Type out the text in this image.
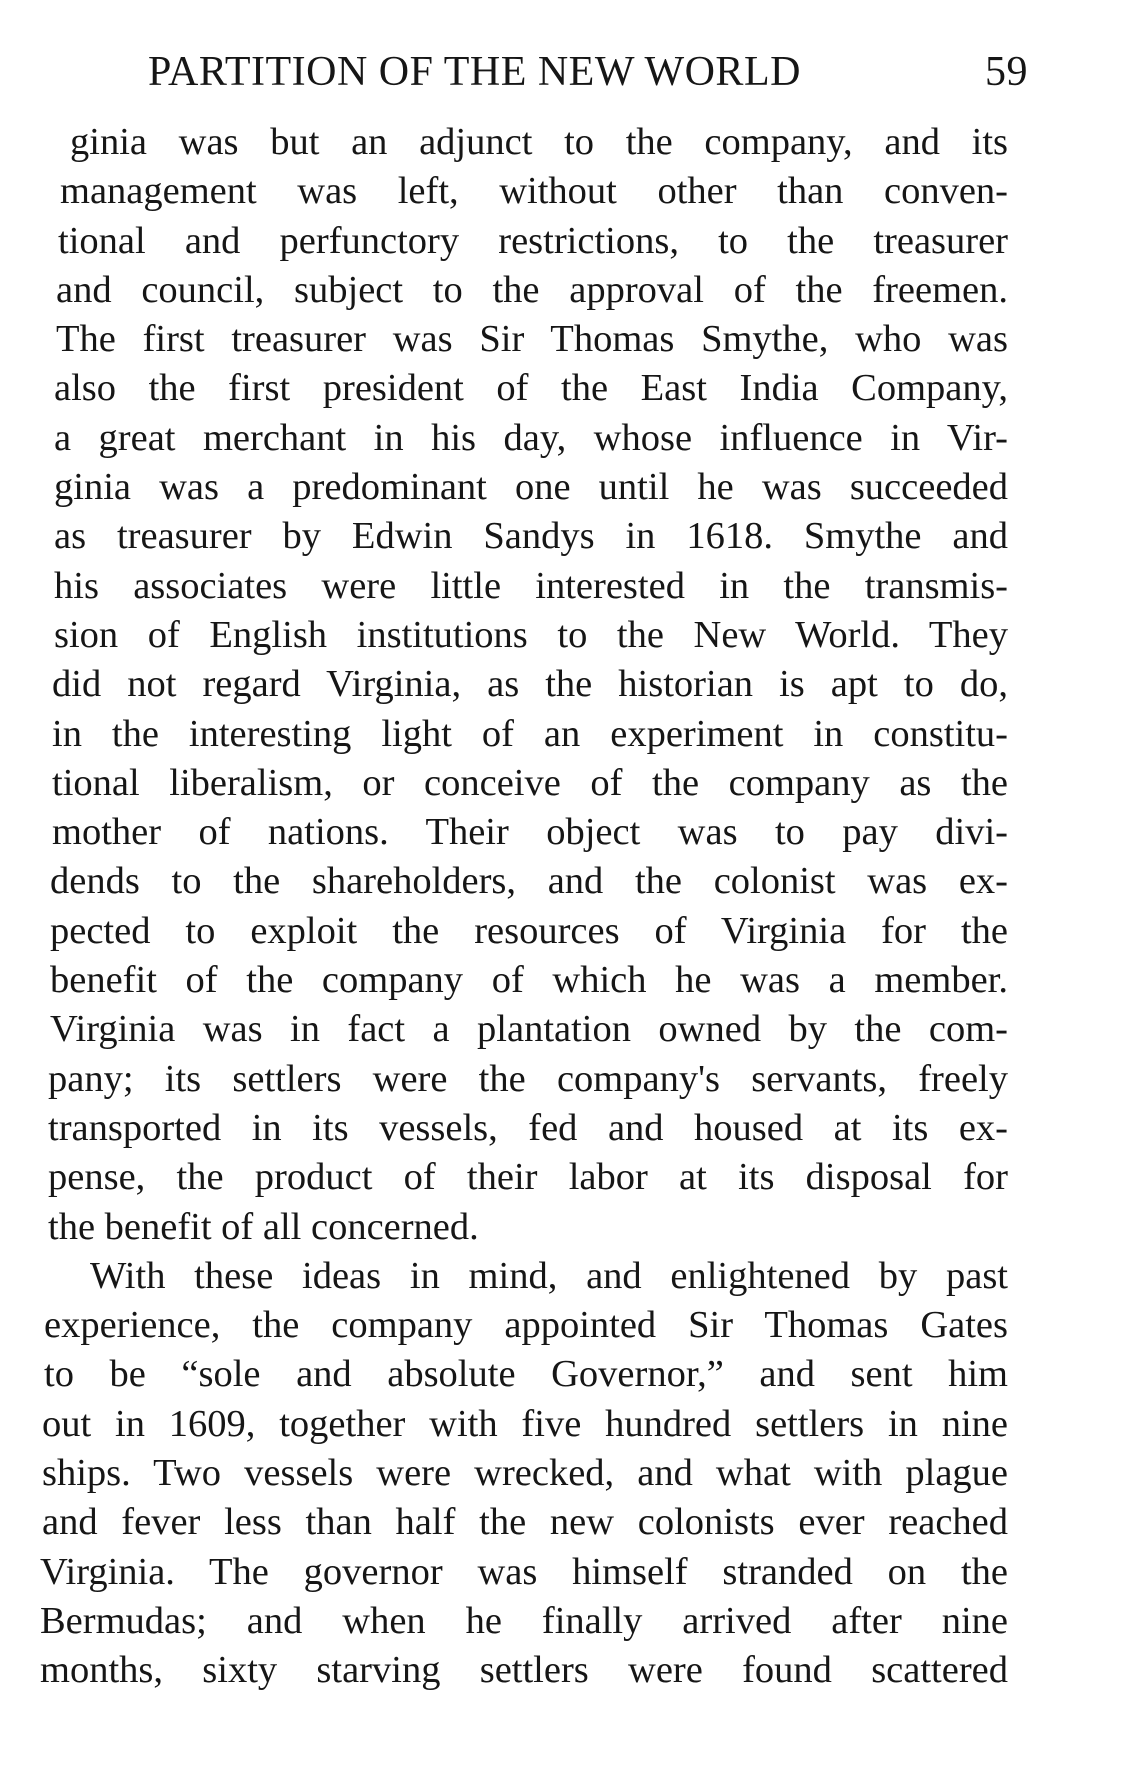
PARTITION OF THE NEW WORLD	59
ginia was but an adjunct to the company, and its
management was left, without other than conven-
tional and perfunctory restrictions, to the treasurer
and council, subject to the approval of the freemen.
The first treasurer was Sir Thomas Smythe, who was
also the first president of the East India Company,
a great merchant in his day, whose influence in Vir-
ginia was a predominant one until he was succeeded
as treasurer by Edwin Sandys in 1618. Smythe and
his associates were little interested in the transmis-
sion of English institutions to the New World. They
did not regard Virginia, as the historian is apt to do,
in the interesting light of an experiment in constitu-
tional liberalism, or conceive of the company as the
mother of nations. Their object was to pay divi-
dends to the shareholders, and the colonist was ex-
pected to exploit the resources of Virginia for the
benefit of the company of which he was a member.
Virginia was in fact a plantation owned by the com-
pany; its settlers were the company's servants, freely
transported in its vessels, fed and housed at its ex-
pense, the product of their labor at its disposal for
the benefit of all concerned.
With these ideas in mind, and enlightened by past
experience, the company appointed Sir Thomas Gates
to be “sole and absolute Governor,” and sent him
out in 1609, together with five hundred settlers in nine
ships. Two vessels were wrecked, and what with plague
and fever less than half the new colonists ever reached
Virginia. The governor was himself stranded on the
Bermudas; and when he finally arrived after nine
months, sixty starving settlers were found scattered
